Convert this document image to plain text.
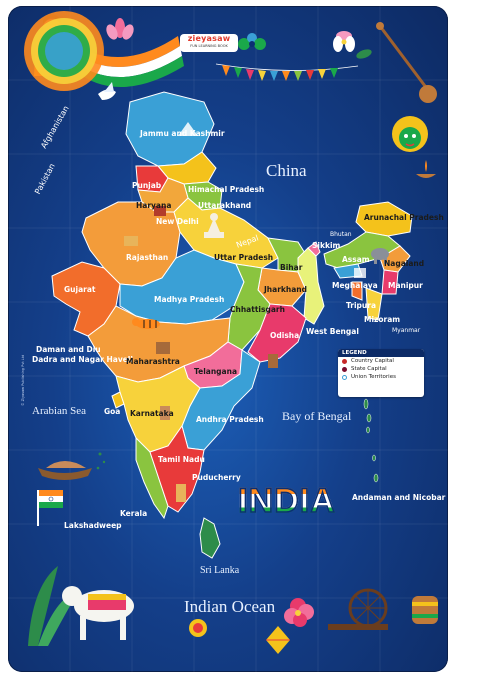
INDIA
zieyasaw
FUN LEARNING BOOK
China
Pakistan
Afghanistan
Nepal	Bhutan
Myanmar
Sri Lanka
Arabian Sea	Bay of Bengal
Indian Ocean
Jammu and Kashmir
Himachal Pradesh
Punjab
Uttarakhand
Haryana
New Delhi
Rajasthan	Uttar Pradesh
Bihar
Sikkim
Arunachal Pradesh
Assam Nagaland
Meghalaya Manipur
Tripura
Mizoram
Gujarat
Madhya Pradesh
Jharkhand
West Bengal
Chhattisgarh
Odisha
Daman and Diu
Dadra and Nagar Haveli
Maharashtra
Telangana
Goa Karnataka
Andhra Pradesh
Tamil Nadu
Puducherry
Kerala
Lakshadweep
Andaman and Nicobar Islands
LEGEND
Country Capital
State Capital
Union Territories
© Ziyasaw Publishing Pvt Ltd
